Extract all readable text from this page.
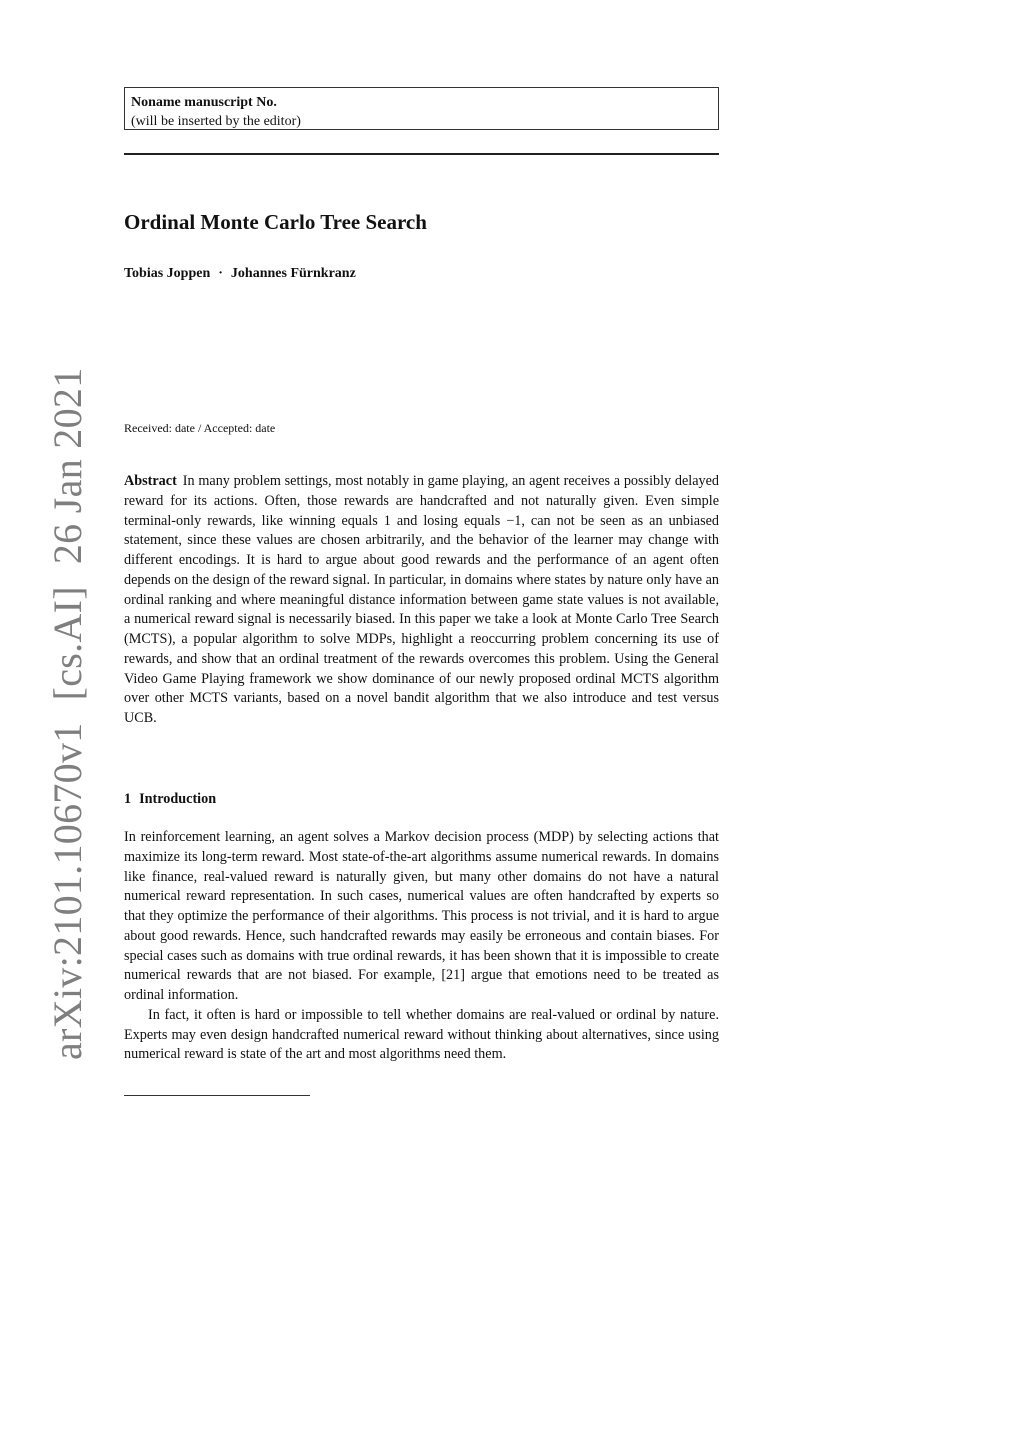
Noname manuscript No.
(will be inserted by the editor)
Ordinal Monte Carlo Tree Search
Tobias Joppen · Johannes Fürnkranz
Received: date / Accepted: date
Abstract In many problem settings, most notably in game playing, an agent receives a possibly delayed reward for its actions. Often, those rewards are handcrafted and not naturally given. Even simple terminal-only rewards, like winning equals 1 and losing equals −1, can not be seen as an unbiased statement, since these values are chosen arbitrarily, and the behavior of the learner may change with different encodings. It is hard to argue about good rewards and the performance of an agent often depends on the design of the reward signal. In particular, in domains where states by nature only have an ordinal ranking and where meaningful distance information between game state values is not available, a numerical reward signal is necessarily biased. In this paper we take a look at Monte Carlo Tree Search (MCTS), a popular algorithm to solve MDPs, highlight a reoccurring problem concerning its use of rewards, and show that an ordinal treatment of the rewards overcomes this problem. Using the General Video Game Playing framework we show dominance of our newly proposed ordinal MCTS algorithm over other MCTS variants, based on a novel bandit algorithm that we also introduce and test versus UCB.
1 Introduction

In reinforcement learning, an agent solves a Markov decision process (MDP) by selecting actions that maximize its long-term reward. Most state-of-the-art algorithms assume numerical rewards. In domains like finance, real-valued reward is naturally given, but many other domains do not have a natural numerical reward representation. In such cases, numerical values are often handcrafted by experts so that they optimize the performance of their algorithms. This process is not trivial, and it is hard to argue about good rewards. Hence, such handcrafted rewards may easily be erroneous and contain biases. For special cases such as domains with true ordinal rewards, it has been shown that it is impossible to create numerical rewards that are not biased. For example, [21] argue that emotions need to be treated as ordinal information.

In fact, it often is hard or impossible to tell whether domains are real-valued or ordinal by nature. Experts may even design handcrafted numerical reward without thinking about alternatives, since using numerical reward is state of the art and most algorithms need them.

arXiv:2101.10670v1[cs.AI]26 Jan 2021
